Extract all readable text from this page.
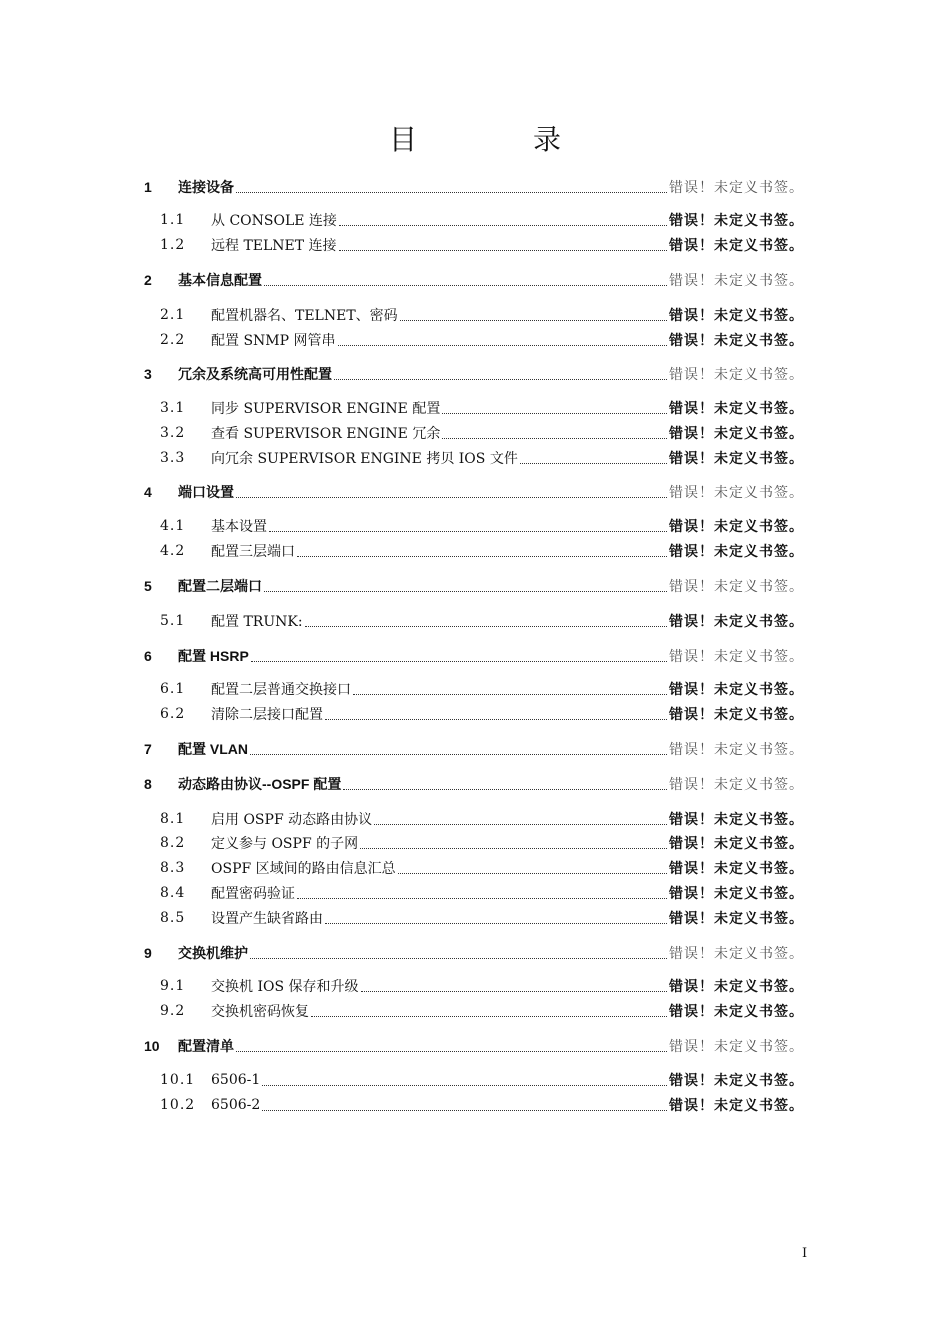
目　录
1	连接设备	错误！未定义书签。
1.1	从 CONSOLE 连接	错误！未定义书签。
1.2	远程 TELNET 连接	错误！未定义书签。
2	基本信息配置	错误！未定义书签。
2.1	配置机器名、TELNET、密码	错误！未定义书签。
2.2	配置 SNMP 网管串	错误！未定义书签。
3	冗余及系统高可用性配置	错误！未定义书签。
3.1	同步 SUPERVISOR ENGINE 配置	错误！未定义书签。
3.2	查看 SUPERVISOR ENGINE 冗余	错误！未定义书签。
3.3	向冗余 SUPERVISOR ENGINE 拷贝 IOS 文件	错误！未定义书签。
4	端口设置	错误！未定义书签。
4.1	基本设置	错误！未定义书签。
4.2	配置三层端口	错误！未定义书签。
5	配置二层端口	错误！未定义书签。
5.1	配置 TRUNK:	错误！未定义书签。
6	配置 HSRP	错误！未定义书签。
6.1	配置二层普通交换接口	错误！未定义书签。
6.2	清除二层接口配置	错误！未定义书签。
7	配置 VLAN	错误！未定义书签。
8	动态路由协议--OSPF 配置	错误！未定义书签。
8.1	启用 OSPF 动态路由协议	错误！未定义书签。
8.2	定义参与 OSPF 的子网	错误！未定义书签。
8.3	OSPF 区域间的路由信息汇总	错误！未定义书签。
8.4	配置密码验证	错误！未定义书签。
8.5	设置产生缺省路由	错误！未定义书签。
9	交换机维护	错误！未定义书签。
9.1	交换机 IOS 保存和升级	错误！未定义书签。
9.2	交换机密码恢复	错误！未定义书签。
10	配置清单	错误！未定义书签。
10.1	6506-1	错误！未定义书签。
10.2	6506-2	错误！未定义书签。
I
